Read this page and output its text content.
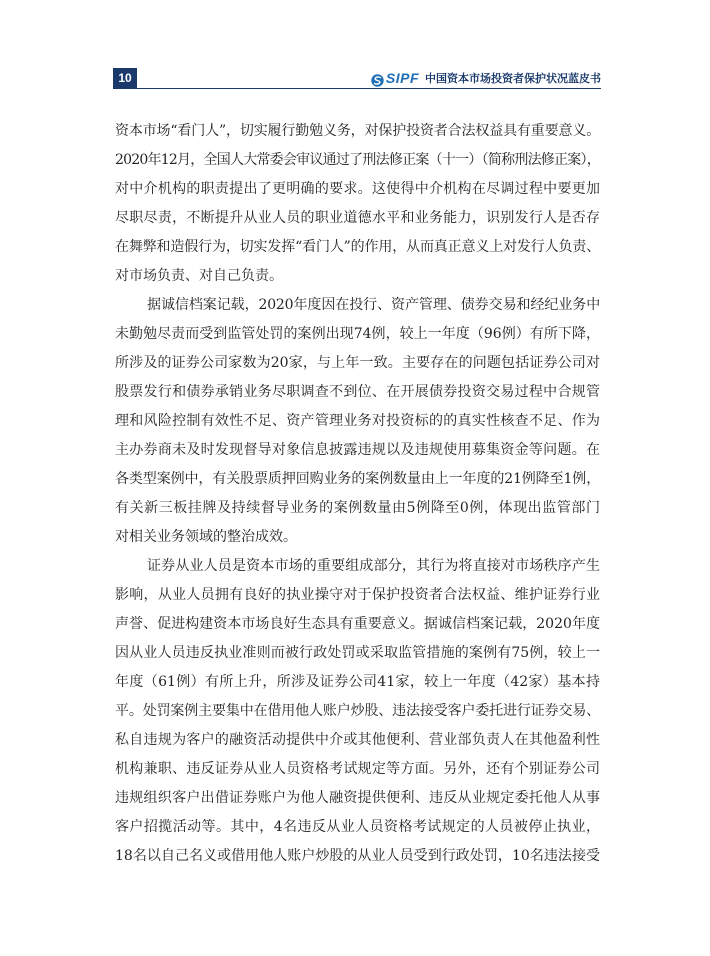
10	SIPF 中国资本市场投资者保护状况蓝皮书
资本市场“看门人”，切实履行勤勉义务，对保护投资者合法权益具有重要意义。
2020年12月，全国人大常委会审议通过了刑法修正案（十一）（简称刑法修正案），
对中介机构的职责提出了更明确的要求。这使得中介机构在尽调过程中要更加
尽职尽责，不断提升从业人员的职业道德水平和业务能力，识别发行人是否存
在舞弊和造假行为，切实发挥“看门人”的作用，从而真正意义上对发行人负责、
对市场负责、对自己负责。
据诚信档案记载，2020年度因在投行、资产管理、债券交易和经纪业务中
未勤勉尽责而受到监管处罚的案例出现74例，较上一年度（96例）有所下降，
所涉及的证券公司家数为20家，与上年一致。主要存在的问题包括证券公司对
股票发行和债券承销业务尽职调查不到位、在开展债券投资交易过程中合规管
理和风险控制有效性不足、资产管理业务对投资标的的真实性核查不足、作为
主办券商未及时发现督导对象信息披露违规以及违规使用募集资金等问题。在
各类型案例中，有关股票质押回购业务的案例数量由上一年度的21例降至1例，
有关新三板挂牌及持续督导业务的案例数量由5例降至0例，体现出监管部门
对相关业务领域的整治成效。
证券从业人员是资本市场的重要组成部分，其行为将直接对市场秩序产生
影响，从业人员拥有良好的执业操守对于保护投资者合法权益、维护证券行业
声誉、促进构建资本市场良好生态具有重要意义。据诚信档案记载，2020年度
因从业人员违反执业准则而被行政处罚或采取监管措施的案例有75例，较上一
年度（61例）有所上升，所涉及证券公司41家，较上一年度（42家）基本持
平。处罚案例主要集中在借用他人账户炒股、违法接受客户委托进行证券交易、
私自违规为客户的融资活动提供中介或其他便利、营业部负责人在其他盈利性
机构兼职、违反证券从业人员资格考试规定等方面。另外，还有个别证券公司
违规组织客户出借证券账户为他人融资提供便利、违反从业规定委托他人从事
客户招揽活动等。其中，4名违反从业人员资格考试规定的人员被停止执业，
18名以自己名义或借用他人账户炒股的从业人员受到行政处罚，10名违法接受
